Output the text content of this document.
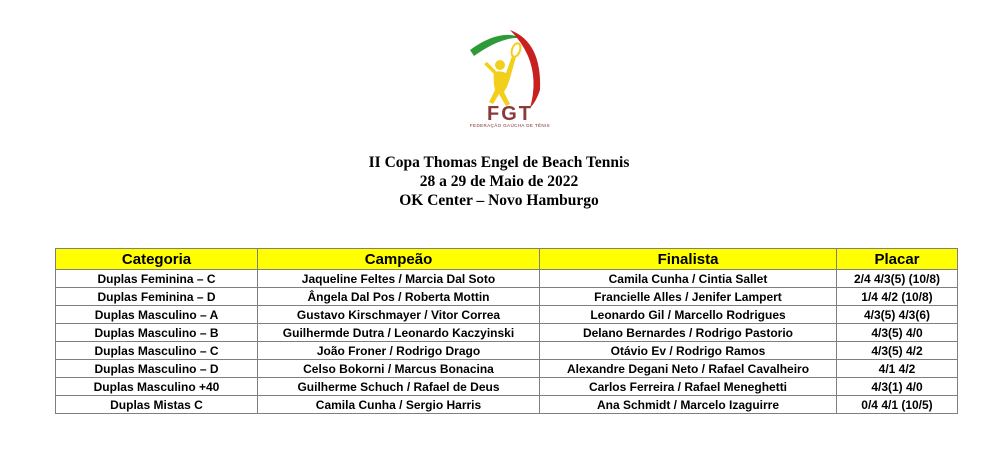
FGT
FEDERAÇÃO GAÚCHA DE TÊNIS
II Copa Thomas Engel de Beach Tennis
28 a 29 de Maio de 2022
OK Center – Novo Hamburgo
Categoria	Campeão	Finalista	Placar
Duplas Feminina – C	Jaqueline Feltes / Marcia Dal Soto	Camila Cunha / Cintia Sallet	2/4 4/3(5) (10/8)
Duplas Feminina – D	Ângela Dal Pos / Roberta Mottin	Francielle Alles / Jenifer Lampert	1/4 4/2 (10/8)
Duplas Masculino – A	Gustavo Kirschmayer / Vitor Correa	Leonardo Gil / Marcello Rodrigues	4/3(5) 4/3(6)
Duplas Masculino – B	Guilhermde Dutra / Leonardo Kaczyinski	Delano Bernardes / Rodrigo Pastorio	4/3(5) 4/0
Duplas Masculino – C	João Froner / Rodrigo Drago	Otávio Ev / Rodrigo Ramos	4/3(5) 4/2
Duplas Masculino – D	Celso Bokorni / Marcus Bonacina	Alexandre Degani Neto / Rafael Cavalheiro	4/1 4/2
Duplas Masculino +40	Guilherme Schuch / Rafael de Deus	Carlos Ferreira / Rafael Meneghetti	4/3(1) 4/0
Duplas Mistas C	Camila Cunha / Sergio Harris	Ana Schmidt / Marcelo Izaguirre	0/4 4/1 (10/5)
